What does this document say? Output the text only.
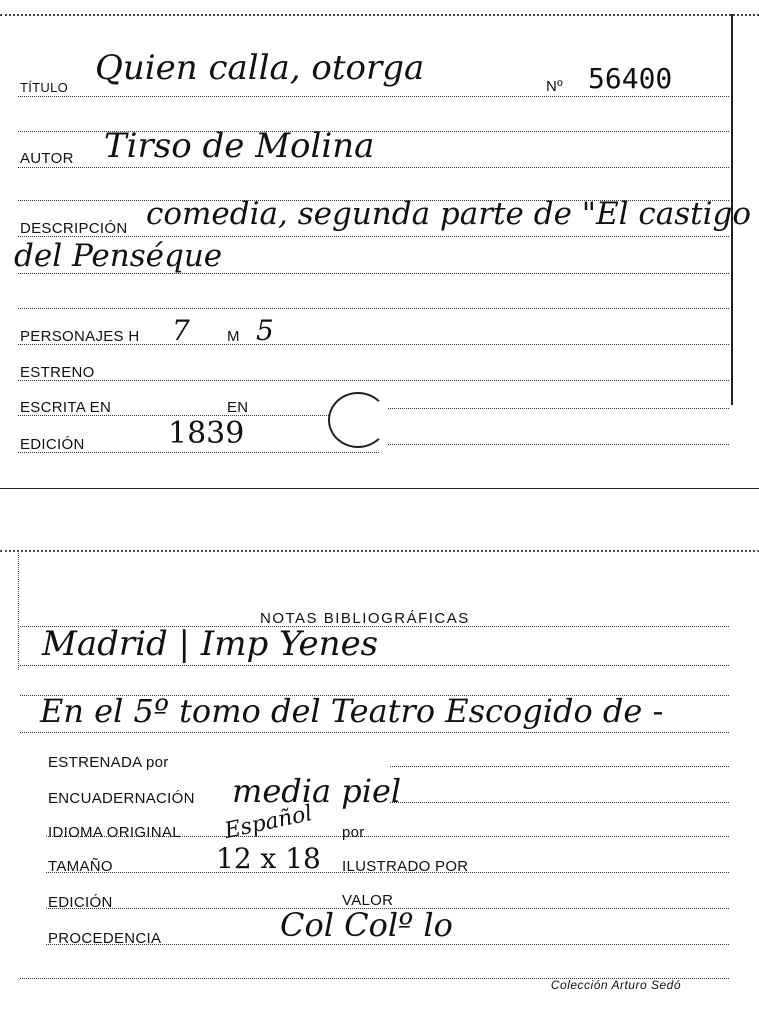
TÍTULO Quien calla, otorga	Nº 56400
AUTOR Tirso de Molina
DESCRIPCIÓN comedia, segunda parte de "El castigo
del Penséque
PERSONAJES H 7 M 5
ESTRENO
ESCRITA EN	EN
EDICIÓN	1839
NOTAS BIBLIOGRÁFICAS
Madrid | Imp Yenes
En el 5º tomo del Teatro Escogido de -
ESTRENADA por
ENCUADERNACIÓN media piel
IDIOMA ORIGINAL Español por
TAMAÑO	12 x 18 ILUSTRADO POR
EDICIÓN	VALOR
PROCEDENCIA	Col Colº lo
Colección Arturo Sedó
